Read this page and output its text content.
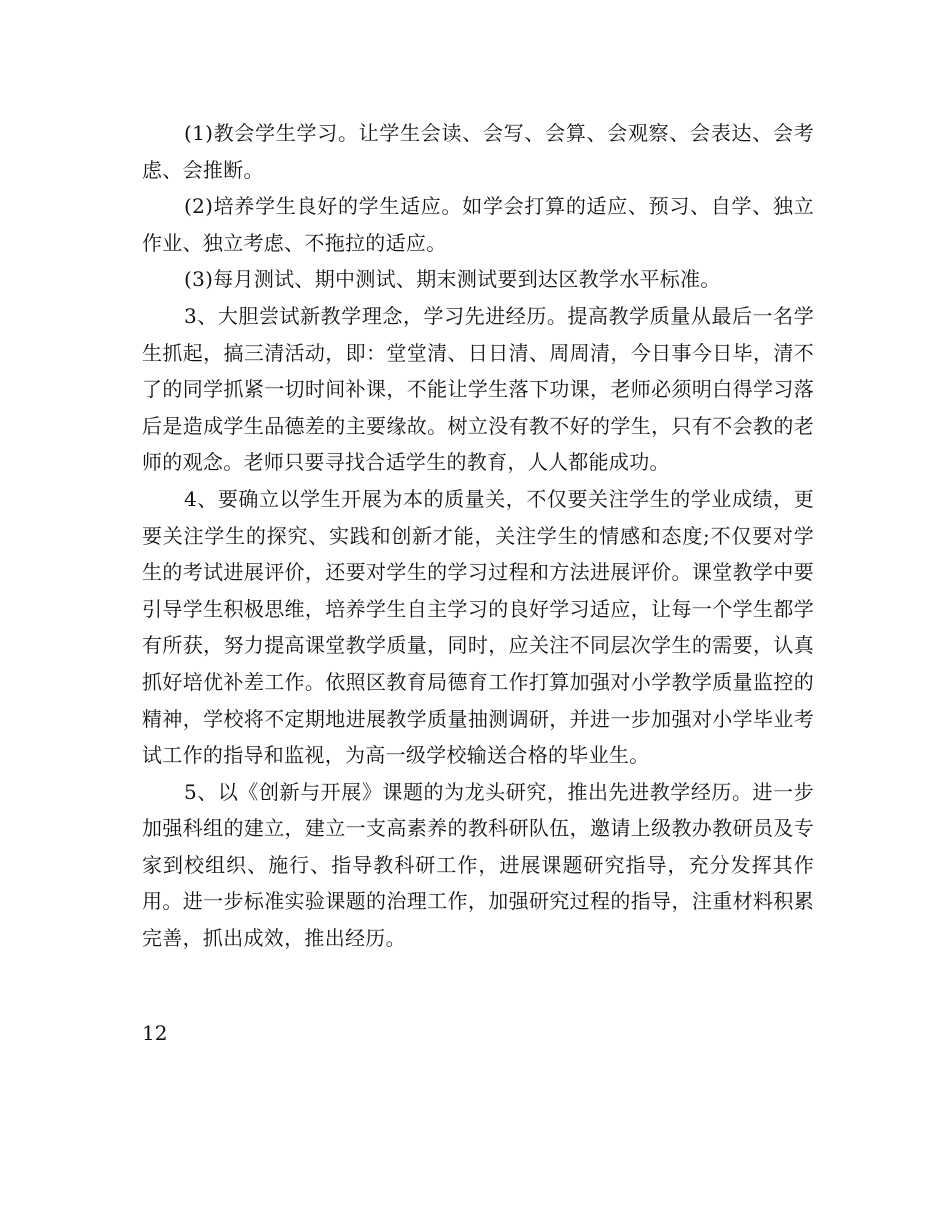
(1)教会学生学习。让学生会读、会写、会算、会观察、会表达、会考虑、会推断。

(2)培养学生良好的学生适应。如学会打算的适应、预习、自学、独立作业、独立考虑、不拖拉的适应。

(3)每月测试、期中测试、期末测试要到达区教学水平标准。

3、大胆尝试新教学理念，学习先进经历。提高教学质量从最后一名学生抓起，搞三清活动，即：堂堂清、日日清、周周清，今日事今日毕，清不了的同学抓紧一切时间补课，不能让学生落下功课，老师必须明白得学习落后是造成学生品德差的主要缘故。树立没有教不好的学生，只有不会教的老师的观念。老师只要寻找合适学生的教育，人人都能成功。

4、要确立以学生开展为本的质量关，不仅要关注学生的学业成绩，更要关注学生的探究、实践和创新才能，关注学生的情感和态度;不仅要对学生的考试进展评价，还要对学生的学习过程和方法进展评价。课堂教学中要引导学生积极思维，培养学生自主学习的良好学习适应，让每一个学生都学有所获，努力提高课堂教学质量，同时，应关注不同层次学生的需要，认真抓好培优补差工作。依照区教育局德育工作打算加强对小学教学质量监控的精神，学校将不定期地进展教学质量抽测调研，并进一步加强对小学毕业考试工作的指导和监视，为高一级学校输送合格的毕业生。

5、以《创新与开展》课题的为龙头研究，推出先进教学经历。进一步加强科组的建立，建立一支高素养的教科研队伍，邀请上级教办教研员及专家到校组织、施行、指导教科研工作，进展课题研究指导，充分发挥其作用。进一步标准实验课题的治理工作，加强研究过程的指导，注重材料积累完善，抓出成效，推出经历。

12
